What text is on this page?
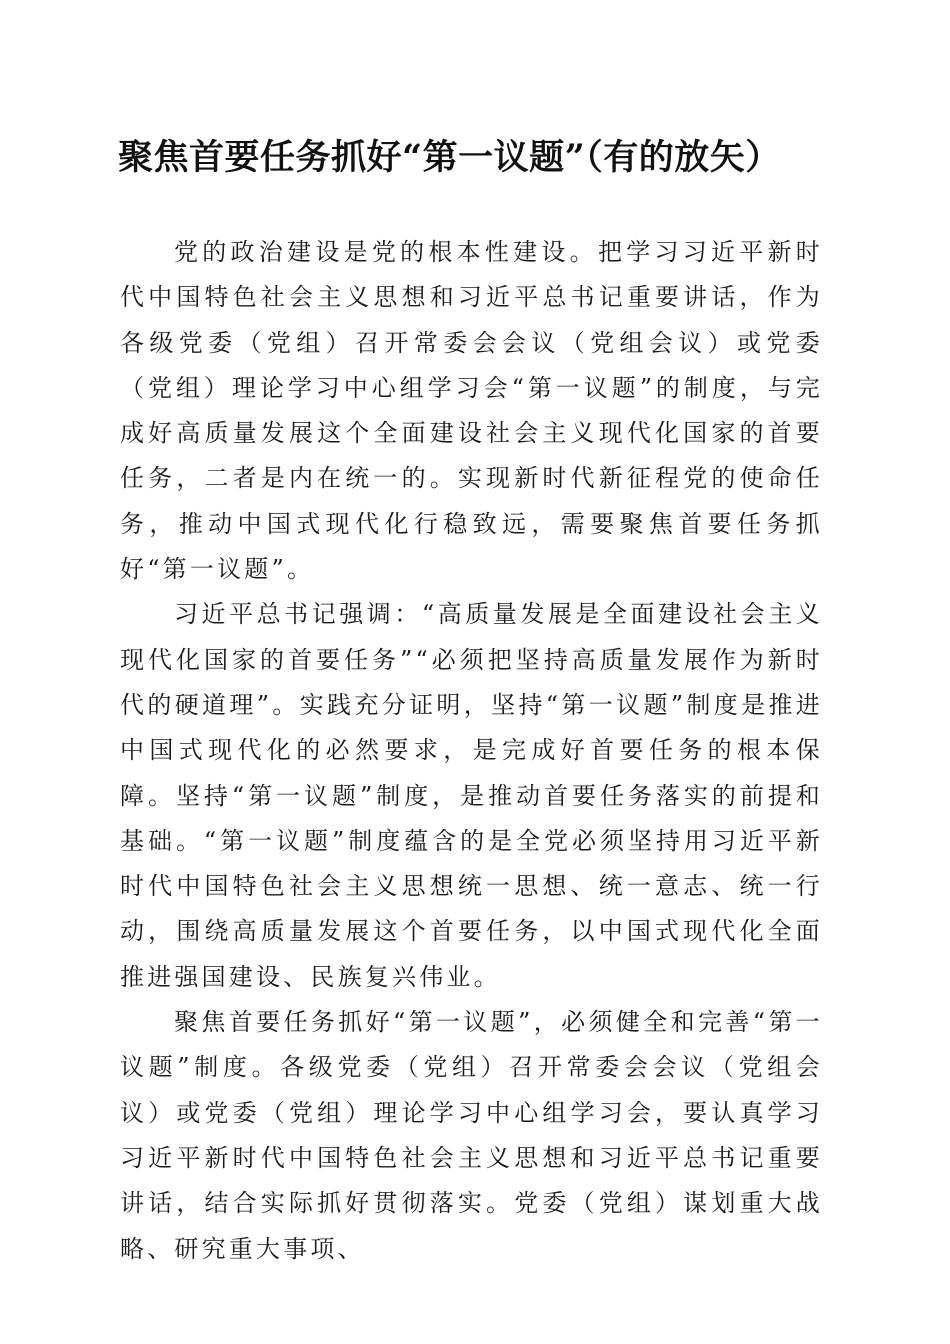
聚焦首要任务抓好“第一议题”（有的放矢）

党的政治建设是党的根本性建设。把学习习近平新时代中国特色社会主义思想和习近平总书记重要讲话，作为各级党委（党组）召开常委会会议（党组会议）或党委（党组）理论学习中心组学习会“第一议题”的制度，与完成好高质量发展这个全面建设社会主义现代化国家的首要任务，二者是内在统一的。实现新时代新征程党的使命任务，推动中国式现代化行稳致远，需要聚焦首要任务抓好“第一议题”。

习近平总书记强调：“高质量发展是全面建设社会主义现代化国家的首要任务”“必须把坚持高质量发展作为新时代的硬道理”。实践充分证明，坚持“第一议题”制度是推进中国式现代化的必然要求，是完成好首要任务的根本保障。坚持“第一议题”制度，是推动首要任务落实的前提和基础。“第一议题”制度蕴含的是全党必须坚持用习近平新时代中国特色社会主义思想统一思想、统一意志、统一行动，围绕高质量发展这个首要任务，以中国式现代化全面推进强国建设、民族复兴伟业。

聚焦首要任务抓好“第一议题”，必须健全和完善“第一议题”制度。各级党委（党组）召开常委会会议（党组会议）或党委（党组）理论学习中心组学习会，要认真学习习近平新时代中国特色社会主义思想和习近平总书记重要讲话，结合实际抓好贯彻落实。党委（党组）谋划重大战略、研究重大事项、
